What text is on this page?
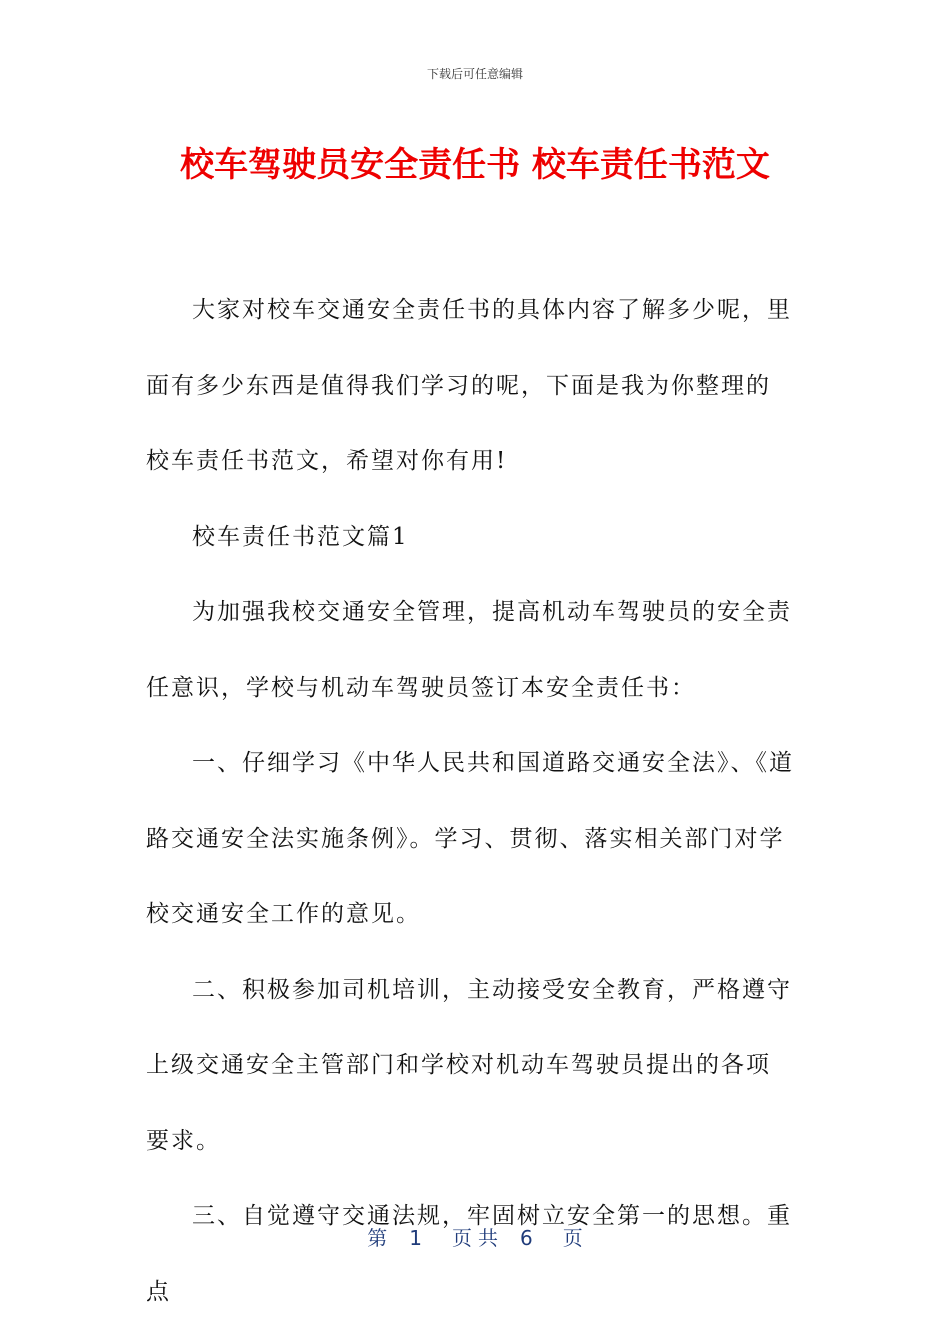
下载后可任意编辑
校车驾驶员安全责任书 校车责任书范文

大家对校车交通安全责任书的具体内容了解多少呢，里面有多少东西是值得我们学习的呢，下面是我为你整理的校车责任书范文，希望对你有用!

校车责任书范文篇1

为加强我校交通安全管理，提高机动车驾驶员的安全责任意识，学校与机动车驾驶员签订本安全责任书：

一、仔细学习《中华人民共和国道路交通安全法》、《道路交通安全法实施条例》。学习、贯彻、落实相关部门对学校交通安全工作的意见。

二、积极参加司机培训，主动接受安全教育，严格遵守上级交通安全主管部门和学校对机动车驾驶员提出的各项要求。

三、自觉遵守交通法规，牢固树立安全第一的思想。重点

第 1 页 共 6 页
